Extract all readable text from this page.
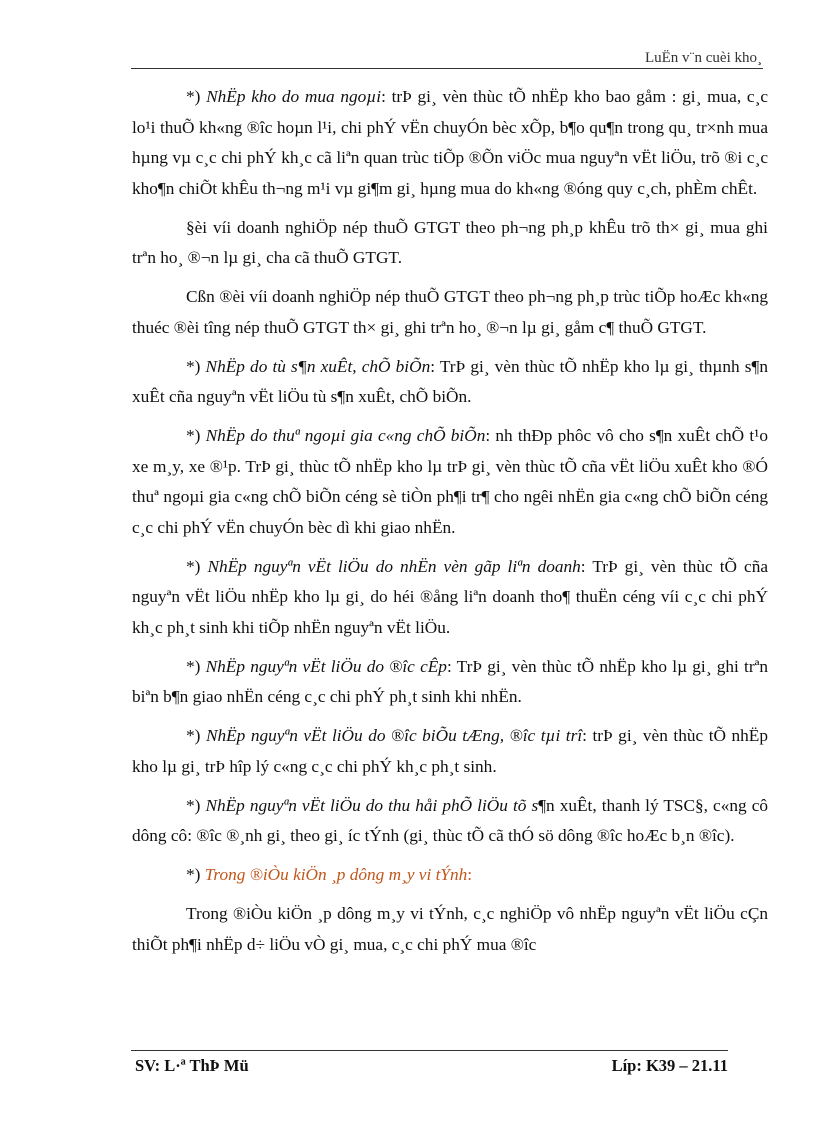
LuËn v¨n cuèi kho¸

*) NhËp kho do mua ngoµi: trÞ gi¸ vèn thùc tÕ nhËp kho bao gåm : gi¸ mua, c¸c lo¹i thuÕ kh«ng ®îc hoµn l¹i, chi phÝ vËn chuyÓn bèc xÕp, b¶o qu¶n trong qu¸ tr×nh mua hµng vµ c¸c chi phÝ kh¸c cã liªn quan trùc tiÕp ®Õn viÖc mua nguyªn vËt liÖu, trõ ®i c¸c kho¶n chiÕt khÊu th¬ng m¹i vµ gi¶m gi¸ hµng mua do kh«ng ®óng quy c¸ch, phÈm chÊt.

§èi víi doanh nghiÖp nép thuÕ GTGT theo ph¬ng ph¸p khÊu trõ th× gi¸ mua ghi trªn ho¸ ®¬n lµ gi¸ cha cã thuÕ GTGT.

Cßn ®èi víi doanh nghiÖp nép thuÕ GTGT theo ph¬ng ph¸p trùc tiÕp hoÆc kh«ng thuéc ®èi tîng nép thuÕ GTGT th× gi¸ ghi trªn ho¸ ®¬n lµ gi¸ gåm c¶ thuÕ GTGT.

*) NhËp do tù s¶n xuÊt, chÕ biÕn: TrÞ gi¸ vèn thùc tÕ nhËp kho lµ gi¸ thµnh s¶n xuÊt cña nguyªn vËt liÖu tù s¶n xuÊt, chÕ biÕn.

*) NhËp do thuª ngoµi gia c«ng chÕ biÕn: nh thÐp phôc vô cho s¶n xuÊt chÕ t¹o xe m¸y, xe ®¹p. TrÞ gi¸ thùc tÕ nhËp kho lµ trÞ gi¸ vèn thùc tÕ cña vËt liÖu xuÊt kho ®Ó thuª ngoµi gia c«ng chÕ biÕn céng sè tiÒn ph¶i tr¶ cho ngêi nhËn gia c«ng chÕ biÕn céng c¸c chi phÝ vËn chuyÓn bèc dì khi giao nhËn.

*) NhËp nguyªn vËt liÖu do nhËn vèn gãp liªn doanh: TrÞ gi¸ vèn thùc tÕ cña nguyªn vËt liÖu nhËp kho lµ gi¸ do héi ®ång liªn doanh tho¶ thuËn céng víi c¸c chi phÝ kh¸c ph¸t sinh khi tiÕp nhËn nguyªn vËt liÖu.

*) NhËp nguyªn vËt liÖu do ®îc cÊp: TrÞ gi¸ vèn thùc tÕ nhËp kho lµ gi¸ ghi trªn biªn b¶n giao nhËn céng c¸c chi phÝ ph¸t sinh khi nhËn.

*) NhËp nguyªn vËt liÖu do ®îc biÕu tÆng, ®îc tµi trî: trÞ gi¸ vèn thùc tÕ nhËp kho lµ gi¸ trÞ hîp lý c«ng c¸c chi phÝ kh¸c ph¸t sinh.

*) NhËp nguyªn vËt liÖu do thu håi phÕ liÖu tõ s¶n xuÊt, thanh lý TSC§, c«ng cô dông cô: ®îc ®¸nh gi¸ theo gi¸ íc tÝnh (gi¸ thùc tÕ cã thÓ sö dông ®îc hoÆc b¸n ®îc).

*) Trong ®iÒu kiÖn ¸p dông m¸y vi tÝnh:

Trong ®iÒu kiÖn ¸p dông m¸y vi tÝnh, c¸c nghiÖp vô nhËp nguyªn vËt liÖu cÇn thiÕt ph¶i nhËp d÷ liÖu vÒ gi¸ mua, c¸c chi phÝ mua ®îc

SV: L·ª ThÞ Mü	Líp: K39 – 21.11
